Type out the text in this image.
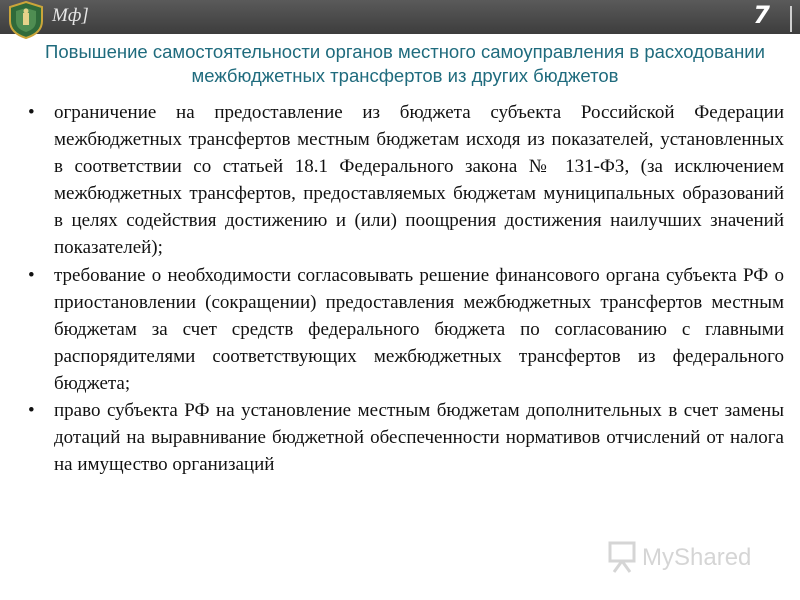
Мф]	7
Повышение самостоятельности органов местного самоуправления в расходовании межбюджетных трансфертов из других бюджетов
• ограничение на предоставление из бюджета субъекта Российской Федерации межбюджетных трансфертов местным бюджетам исходя из показателей, установленных в соответствии со статьей 18.1 Федерального закона № 131-ФЗ, (за исключением межбюджетных трансфертов, предоставляемых бюджетам муниципальных образований в целях содействия достижению и (или) поощрения достижения наилучших значений показателей);
• требование о необходимости согласовывать решение финансового органа субъекта РФ о приостановлении (сокращении) предоставления межбюджетных трансфертов местным бюджетам за счет средств федерального бюджета по согласованию с главными распорядителями соответствующих межбюджетных трансфертов из федерального бюджета;
• право субъекта РФ на установление местным бюджетам дополнительных в счет замены дотаций на выравнивание бюджетной обеспеченности нормативов отчислений от налога на имущество организаций
MyShared
